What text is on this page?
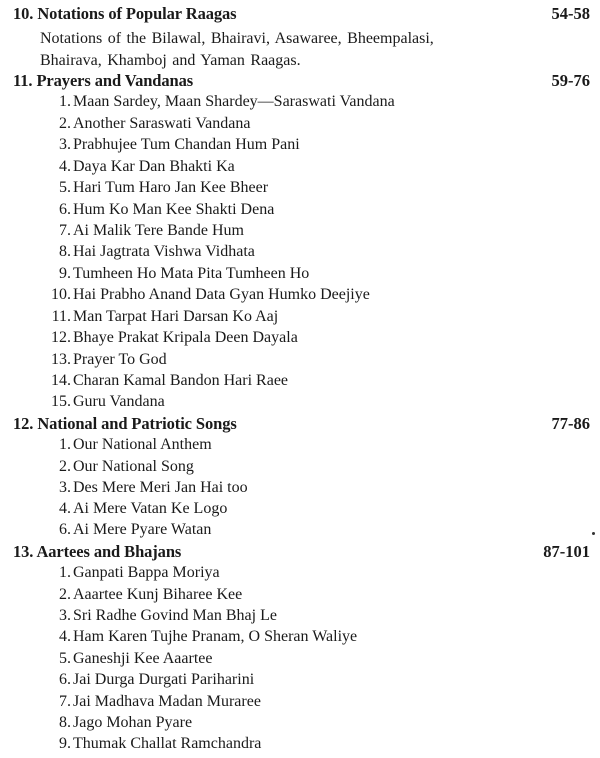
10. Notations of Popular Raagas	54-58
Notations of the Bilawal, Bhairavi, Asawaree, Bheempalasi,
Bhairava, Khamboj and Yaman Raagas.
11. Prayers and Vandanas	59-76
1. Maan Sardey, Maan Shardey—Saraswati Vandana
2. Another Saraswati Vandana
3. Prabhujee Tum Chandan Hum Pani
4. Daya Kar Dan Bhakti Ka
5. Hari Tum Haro Jan Kee Bheer
6. Hum Ko Man Kee Shakti Dena
7. Ai Malik Tere Bande Hum
8. Hai Jagtrata Vishwa Vidhata
9. Tumheen Ho Mata Pita Tumheen Ho
10. Hai Prabho Anand Data Gyan Humko Deejiye
11. Man Tarpat Hari Darsan Ko Aaj
12. Bhaye Prakat Kripala Deen Dayala
13. Prayer To God
14. Charan Kamal Bandon Hari Raee
15. Guru Vandana
12. National and Patriotic Songs	77-86
1. Our National Anthem
2. Our National Song
3. Des Mere Meri Jan Hai too
4. Ai Mere Vatan Ke Logo
6. Ai Mere Pyare Watan
13. Aartees and Bhajans	87-101
1. Ganpati Bappa Moriya
2. Aaartee Kunj Biharee Kee
3. Sri Radhe Govind Man Bhaj Le
4. Ham Karen Tujhe Pranam, O Sheran Waliye
5. Ganeshji Kee Aaartee
6. Jai Durga Durgati Pariharini
7. Jai Madhava Madan Muraree
8. Jago Mohan Pyare
9. Thumak Challat Ramchandra
